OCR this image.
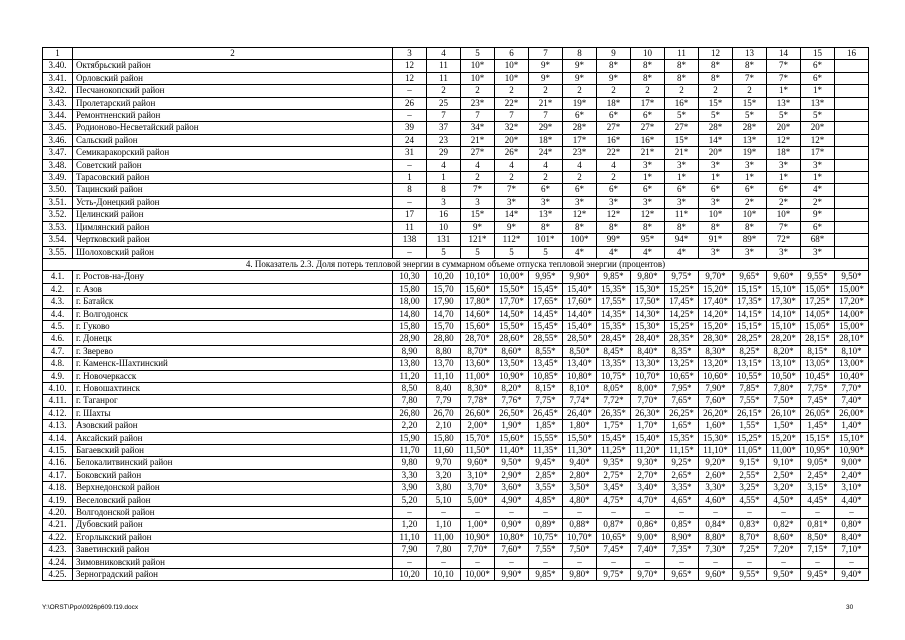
1	2	3	4	5	6	7	8	9	10	11	12	13	14	15	16
3.40.	Октябрьский район	12	11	10*	10*	9*	9*	8*	8*	8*	8*	8*	7*	6*	
3.41.	Орловский район	12	11	10*	10*	9*	9*	9*	8*	8*	8*	7*	7*	6*	
3.42.	Песчанокопский район	–	2	2	2	2	2	2	2	2	2	2	1*	1*	
3.43.	Пролетарский район	26	25	23*	22*	21*	19*	18*	17*	16*	15*	15*	13*	13*	
3.44.	Ремонтненский район	–	7	7	7	7	6*	6*	6*	5*	5*	5*	5*	5*	
3.45.	Родионово-Несветайский район	39	37	34*	32*	29*	28*	27*	27*	27*	28*	28*	20*	20*	
3.46.	Сальский район	24	23	21*	20*	18*	17*	16*	16*	15*	14*	13*	12*	12*	
3.47.	Семикаракорский район	31	29	27*	26*	24*	23*	22*	21*	21*	20*	19*	18*	17*	
3.48.	Советский район	–	4	4	4	4	4	4	3*	3*	3*	3*	3*	3*	
3.49.	Тарасовский район	1	1	2	2	2	2	2	1*	1*	1*	1*	1*	1*	
3.50.	Тацинский район	8	8	7*	7*	6*	6*	6*	6*	6*	6*	6*	6*	4*	
3.51.	Усть-Донецкий район	–	3	3	3*	3*	3*	3*	3*	3*	3*	2*	2*	2*	
3.52.	Целинский район	17	16	15*	14*	13*	12*	12*	12*	11*	10*	10*	10*	9*	
3.53.	Цимлянский район	11	10	9*	9*	8*	8*	8*	8*	8*	8*	8*	7*	6*	
3.54.	Чертковский район	138	131	121*	112*	101*	100*	99*	95*	94*	91*	89*	72*	68*	
3.55.	Шолоховский район	–	5	5	5	5	4*	4*	4*	4*	3*	3*	3*	3*	
4. Показатель 2.3. Доля потерь тепловой энергии в суммарном объеме отпуска тепловой энергии (процентов)															
4.1.	г. Ростов-на-Дону	10,30	10,20	10,10*	10,00*	9,95*	9,90*	9,85*	9,80*	9,75*	9,70*	9,65*	9,60*	9,55*	9,50*
4.2.	г. Азов	15,80	15,70	15,60*	15,50*	15,45*	15,40*	15,35*	15,30*	15,25*	15,20*	15,15*	15,10*	15,05*	15,00*
4.3.	г. Батайск	18,00	17,90	17,80*	17,70*	17,65*	17,60*	17,55*	17,50*	17,45*	17,40*	17,35*	17,30*	17,25*	17,20*
4.4.	г. Волгодонск	14,80	14,70	14,60*	14,50*	14,45*	14,40*	14,35*	14,30*	14,25*	14,20*	14,15*	14,10*	14,05*	14,00*
4.5.	г. Гуково	15,80	15,70	15,60*	15,50*	15,45*	15,40*	15,35*	15,30*	15,25*	15,20*	15,15*	15,10*	15,05*	15,00*
4.6.	г. Донецк	28,90	28,80	28,70*	28,60*	28,55*	28,50*	28,45*	28,40*	28,35*	28,30*	28,25*	28,20*	28,15*	28,10*
4.7.	г. Зверево	8,90	8,80	8,70*	8,60*	8,55*	8,50*	8,45*	8,40*	8,35*	8,30*	8,25*	8,20*	8,15*	8,10*
4.8.	г. Каменск-Шахтинский	13,80	13,70	13,60*	13,50*	13,45*	13,40*	13,35*	13,30*	13,25*	13,20*	13,15*	13,10*	13,05*	13,00*
4.9.	г. Новочеркасск	11,20	11,10	11,00*	10,90*	10,85*	10,80*	10,75*	10,70*	10,65*	10,60*	10,55*	10,50*	10,45*	10,40*
4.10.	г. Новошахтинск	8,50	8,40	8,30*	8,20*	8,15*	8,10*	8,05*	8,00*	7,95*	7,90*	7,85*	7,80*	7,75*	7,70*
4.11.	г. Таганрог	7,80	7,79	7,78*	7,76*	7,75*	7,74*	7,72*	7,70*	7,65*	7,60*	7,55*	7,50*	7,45*	7,40*
4.12.	г. Шахты	26,80	26,70	26,60*	26,50*	26,45*	26,40*	26,35*	26,30*	26,25*	26,20*	26,15*	26,10*	26,05*	26,00*
4.13.	Азовский район	2,20	2,10	2,00*	1,90*	1,85*	1,80*	1,75*	1,70*	1,65*	1,60*	1,55*	1,50*	1,45*	1,40*
4.14.	Аксайский район	15,90	15,80	15,70*	15,60*	15,55*	15,50*	15,45*	15,40*	15,35*	15,30*	15,25*	15,20*	15,15*	15,10*
4.15.	Багаевский район	11,70	11,60	11,50*	11,40*	11,35*	11,30*	11,25*	11,20*	11,15*	11,10*	11,05*	11,00*	10,95*	10,90*
4.16.	Белокалитвинский район	9,80	9,70	9,60*	9,50*	9,45*	9,40*	9,35*	9,30*	9,25*	9,20*	9,15*	9,10*	9,05*	9,00*
4.17.	Боковский район	3,30	3,20	3,10*	2,90*	2,85*	2,80*	2,75*	2,70*	2,65*	2,60*	2,55*	2,50*	2,45*	2,40*
4.18.	Верхнедонской район	3,90	3,80	3,70*	3,60*	3,55*	3,50*	3,45*	3,40*	3,35*	3,30*	3,25*	3,20*	3,15*	3,10*
4.19.	Веселовский район	5,20	5,10	5,00*	4,90*	4,85*	4,80*	4,75*	4,70*	4,65*	4,60*	4,55*	4,50*	4,45*	4,40*
4.20.	Волгодонской район	–	–	–	–	–	–	–	–	–	–	–	–	–	–
4.21.	Дубовский район	1,20	1,10	1,00*	0,90*	0,89*	0,88*	0,87*	0,86*	0,85*	0,84*	0,83*	0,82*	0,81*	0,80*
4.22.	Егорлыкский район	11,10	11,00	10,90*	10,80*	10,75*	10,70*	10,65*	9,00*	8,90*	8,80*	8,70*	8,60*	8,50*	8,40*
4.23.	Заветинский район	7,90	7,80	7,70*	7,60*	7,55*	7,50*	7,45*	7,40*	7,35*	7,30*	7,25*	7,20*	7,15*	7,10*
4.24.	Зимовниковский район	–	–	–	–	–	–	–	–	–	–	–	–	–	–
4.25.	Зерноградский район	10,20	10,10	10,00*	9,90*	9,85*	9,80*	9,75*	9,70*	9,65*	9,60*	9,55*	9,50*	9,45*	9,40*
Y:\ORST\Ppo\0926p609.f19.docx	30
